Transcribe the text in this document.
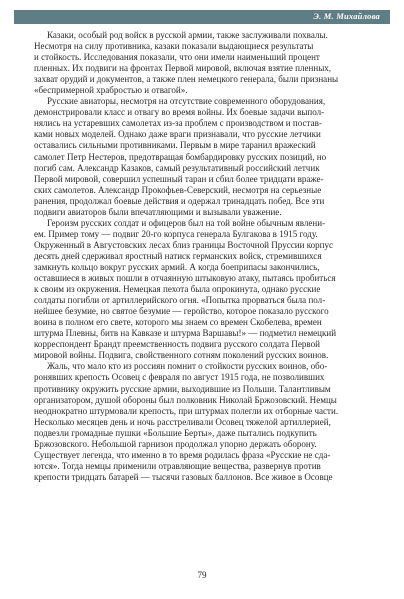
Э. М. Михайлова
Казаки, особый род войск в русской армии, также заслуживали похвалы.
Несмотря на силу противника, казаки показали выдающиеся результаты
и стойкость. Исследования показали, что они имели наименьший процент
пленных. Их подвиги на фронтах Первой мировой, включая взятие пленных,
захват орудий и документов, а также плен немецкого генерала, были признаны
«беспримерной храбростью и отвагой».
Русские авиаторы, несмотря на отсутствие современного оборудования,
демонстрировали класс и отвагу во время войны. Их боевые задачи выпол-
нялись на устаревших самолетах из-за проблем с производством и постав-
ками новых моделей. Однако даже враги признавали, что русские летчики
оставались сильными противниками. Первым в мире таранил вражеский
самолет Петр Нестеров, предотвращая бомбардировку русских позиций, но
погиб сам. Александр Казаков, самый результативный российский летчик
Первой мировой, совершил успешный таран и сбил более тридцати враже-
ских самолетов. Александр Прокофьев-Северский, несмотря на серьезные
ранения, продолжал боевые действия и одержал тринадцать побед. Все эти
подвиги авиаторов были впечатляющими и вызывали уважение.
Героизм русских солдат и офицеров был на той войне обычным явлени-
ем. Пример тому — подвиг 20-го корпуса генерала Булгакова в 1915 году.
Окруженный в Августовских лесах близ границы Восточной Пруссии корпус
десять дней сдерживал яростный натиск германских войск, стремившихся
замкнуть кольцо вокруг русских армий. А когда боеприпасы закончились,
оставшиеся в живых пошли в отчаянную штыковую атаку, пытаясь пробиться
к своим из окружения. Немецкая пехота была опрокинута, однако русские
солдаты погибли от артиллерийского огня. «Попытка прорваться была пол-
нейшее безумие, но святое безумие — геройство, которое показало русского
воина в полном его свете, которого мы знаем со времен Скобелева, времен
штурма Плевны, битв на Кавказе и штурма Варшавы!» — подметил немецкий
корреспондент Брандт преемственность подвига русского солдата Первой
мировой войны. Подвига, свойственного сотням поколений русских воинов.
Жаль, что мало кто из россиян помнит о стойкости русских воинов, обо-
ронявших крепость Осовец с февраля по август 1915 года, не позволивших
противнику окружить русские армии, выходившие из Польши. Талантливым
организатором, душой обороны был полковник Николай Бржозовский. Немцы
неоднократно штурмовали крепость, при штурмах полегли их отборные части.
Несколько месяцев день и ночь расстреливали Осовец тяжелой артиллерией,
подвезли громадные пушки «Большие Берты», даже пытались подкупить
Бржозовского. Небольшой гарнизон продолжал упорно держать оборону.
Существует легенда, что именно в то время родилась фраза «Русские не сда-
ются». Тогда немцы применили отравляющие вещества, развернув против
крепости тридцать батарей — тысячи газовых баллонов. Все живое в Осовце
79
